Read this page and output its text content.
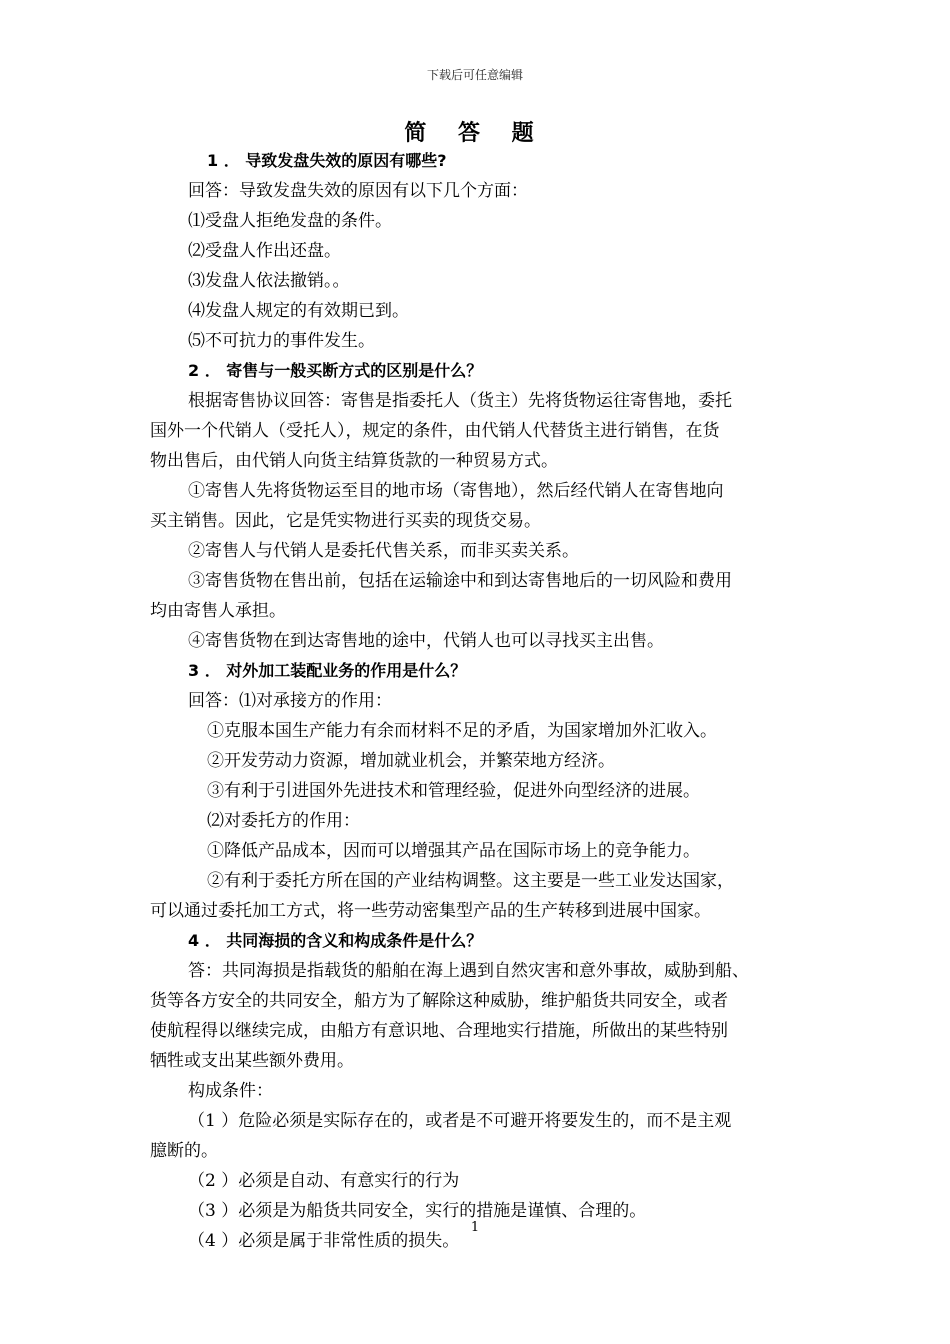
下载后可任意编辑
简 答 题
1 ． 导致发盘失效的原因有哪些?
回答：导致发盘失效的原因有以下几个方面：
⑴受盘人拒绝发盘的条件。
⑵受盘人作出还盘。
⑶发盘人依法撤销。。
⑷发盘人规定的有效期已到。
⑸不可抗力的事件发生。
2 ． 寄售与一般买断方式的区别是什么？
根据寄售协议回答：寄售是指委托人（货主）先将货物运往寄售地，委托
国外一个代销人（受托人），规定的条件，由代销人代替货主进行销售，在货
物出售后，由代销人向货主结算货款的一种贸易方式。
①寄售人先将货物运至目的地市场（寄售地），然后经代销人在寄售地向
买主销售。因此，它是凭实物进行买卖的现货交易。
②寄售人与代销人是委托代售关系，而非买卖关系。
③寄售货物在售出前，包括在运输途中和到达寄售地后的一切风险和费用
均由寄售人承担。
④寄售货物在到达寄售地的途中，代销人也可以寻找买主出售。
3 ． 对外加工装配业务的作用是什么？
回答：⑴对承接方的作用：
①克服本国生产能力有余而材料不足的矛盾，为国家增加外汇收入。
②开发劳动力资源，增加就业机会，并繁荣地方经济。
③有利于引进国外先进技术和管理经验，促进外向型经济的进展。
⑵对委托方的作用：
①降低产品成本，因而可以增强其产品在国际市场上的竞争能力。
②有利于委托方所在国的产业结构调整。这主要是一些工业发达国家，
可以通过委托加工方式，将一些劳动密集型产品的生产转移到进展中国家。
4 ． 共同海损的含义和构成条件是什么？
答：共同海损是指载货的船舶在海上遇到自然灾害和意外事故，威胁到船、
货等各方安全的共同安全，船方为了解除这种威胁，维护船货共同安全，或者
使航程得以继续完成，由船方有意识地、合理地实行措施，所做出的某些特别
牺牲或支出某些额外费用。
构成条件：
（1 ）危险必须是实际存在的，或者是不可避开将要发生的，而不是主观
臆断的。
（2 ）必须是自动、有意实行的行为
（3 ）必须是为船货共同安全，实行的措施是谨慎、合理的。
（4 ）必须是属于非常性质的损失。
1
